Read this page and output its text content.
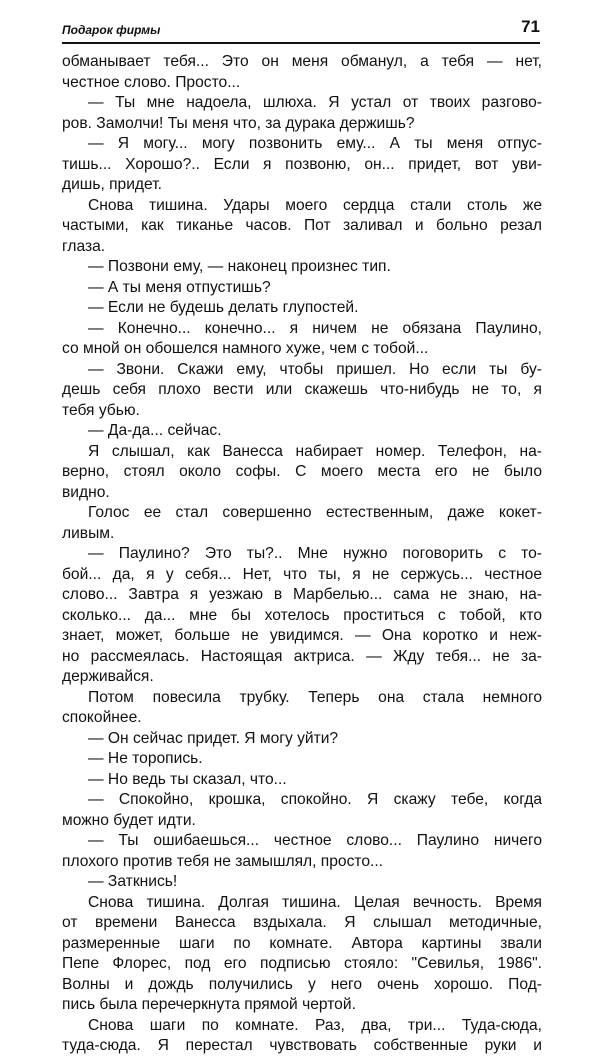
Подарок фирмы	71
обманывает тебя... Это он меня обманул, а тебя — нет,
честное слово. Просто...
— Ты мне надоела, шлюха. Я устал от твоих разгово-
ров. Замолчи! Ты меня что, за дурака держишь?
— Я могу... могу позвонить ему... А ты меня отпус-
тишь... Хорошо?.. Если я позвоню, он... придет, вот уви-
дишь, придет.
Снова тишина. Удары моего сердца стали столь же
частыми, как тиканье часов. Пот заливал и больно резал
глаза.
— Позвони ему, — наконец произнес тип.
— А ты меня отпустишь?
— Если не будешь делать глупостей.
— Конечно... конечно... я ничем не обязана Паулино,
со мной он обошелся намного хуже, чем с тобой...
— Звони. Скажи ему, чтобы пришел. Но если ты бу-
дешь себя плохо вести или скажешь что-нибудь не то, я
тебя убью.
— Да-да... сейчас.
Я слышал, как Ванесса набирает номер. Телефон, на-
верно, стоял около софы. С моего места его не было
видно.
Голос ее стал совершенно естественным, даже кокет-
ливым.
— Паулино? Это ты?.. Мне нужно поговорить с то-
бой... да, я у себя... Нет, что ты, я не сержусь... честное
слово... Завтра я уезжаю в Марбелью... сама не знаю, на-
сколько... да... мне бы хотелось проститься с тобой, кто
знает, может, больше не увидимся. — Она коротко и неж-
но рассмеялась. Настоящая актриса. — Жду тебя... не за-
держивайся.
Потом повесила трубку. Теперь она стала немного
спокойнее.
— Он сейчас придет. Я могу уйти?
— Не торопись.
— Но ведь ты сказал, что...
— Спокойно, крошка, спокойно. Я скажу тебе, когда
можно будет идти.
— Ты ошибаешься... честное слово... Паулино ничего
плохого против тебя не замышлял, просто...
— Заткнись!
Снова тишина. Долгая тишина. Целая вечность. Время
от времени Ванесса вздыхала. Я слышал методичные,
размеренные шаги по комнате. Автора картины звали
Пепе Флорес, под его подписью стояло: "Севилья, 1986".
Волны и дождь получились у него очень хорошо. Под-
пись была перечеркнута прямой чертой.
Снова шаги по комнате. Раз, два, три... Туда-сюда,
туда-сюда. Я перестал чувствовать собственные руки и
